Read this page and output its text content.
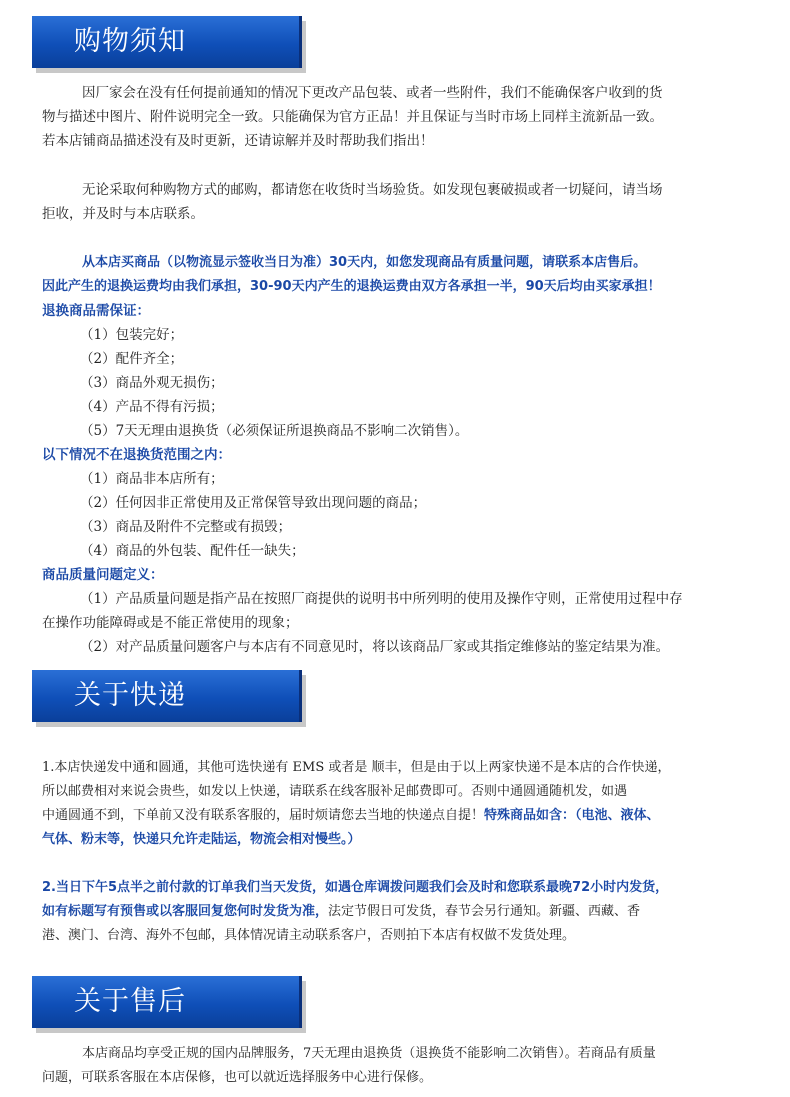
购物须知
因厂家会在没有任何提前通知的情况下更改产品包装、或者一些附件，我们不能确保客户收到的货
物与描述中图片、附件说明完全一致。只能确保为官方正品！并且保证与当时市场上同样主流新品一致。
若本店铺商品描述没有及时更新，还请谅解并及时帮助我们指出！
无论采取何种购物方式的邮购，都请您在收货时当场验货。如发现包裹破损或者一切疑问，请当场
拒收，并及时与本店联系。
从本店买商品（以物流显示签收当日为准）30天内，如您发现商品有质量问题，请联系本店售后。
因此产生的退换运费均由我们承担，30-90天内产生的退换运费由双方各承担一半，90天后均由买家承担！
退换商品需保证：
（1）包装完好；
（2）配件齐全；
（3）商品外观无损伤；
（4）产品不得有污损；
（5）7天无理由退换货（必须保证所退换商品不影响二次销售）。
以下情况不在退换货范围之内：
（1）商品非本店所有；
（2）任何因非正常使用及正常保管导致出现问题的商品；
（3）商品及附件不完整或有损毁；
（4）商品的外包装、配件任一缺失；
商品质量问题定义：
（1）产品质量问题是指产品在按照厂商提供的说明书中所列明的使用及操作守则，正常使用过程中存
在操作功能障碍或是不能正常使用的现象；
（2）对产品质量问题客户与本店有不同意见时，将以该商品厂家或其指定维修站的鉴定结果为准。
关于快递
1.本店快递发中通和圆通，其他可选快递有 EMS 或者是 顺丰，但是由于以上两家快递不是本店的合作快递，
所以邮费相对来说会贵些，如发以上快递，请联系在线客服补足邮费即可。否则中通圆通随机发，如遇
中通圆通不到，下单前又没有联系客服的，届时烦请您去当地的快递点自提！特殊商品如含：（电池、液体、
气体、粉末等，快递只允许走陆运，物流会相对慢些。）
2.当日下午5点半之前付款的订单我们当天发货，如遇仓库调拨问题我们会及时和您联系最晚72小时内发货，
如有标题写有预售或以客服回复您何时发货为准，法定节假日可发货，春节会另行通知。新疆、西藏、香
港、澳门、台湾、海外不包邮，具体情况请主动联系客户，否则拍下本店有权做不发货处理。
关于售后
本店商品均享受正规的国内品牌服务，7天无理由退换货（退换货不能影响二次销售）。若商品有质量
问题，可联系客服在本店保修，也可以就近选择服务中心进行保修。
